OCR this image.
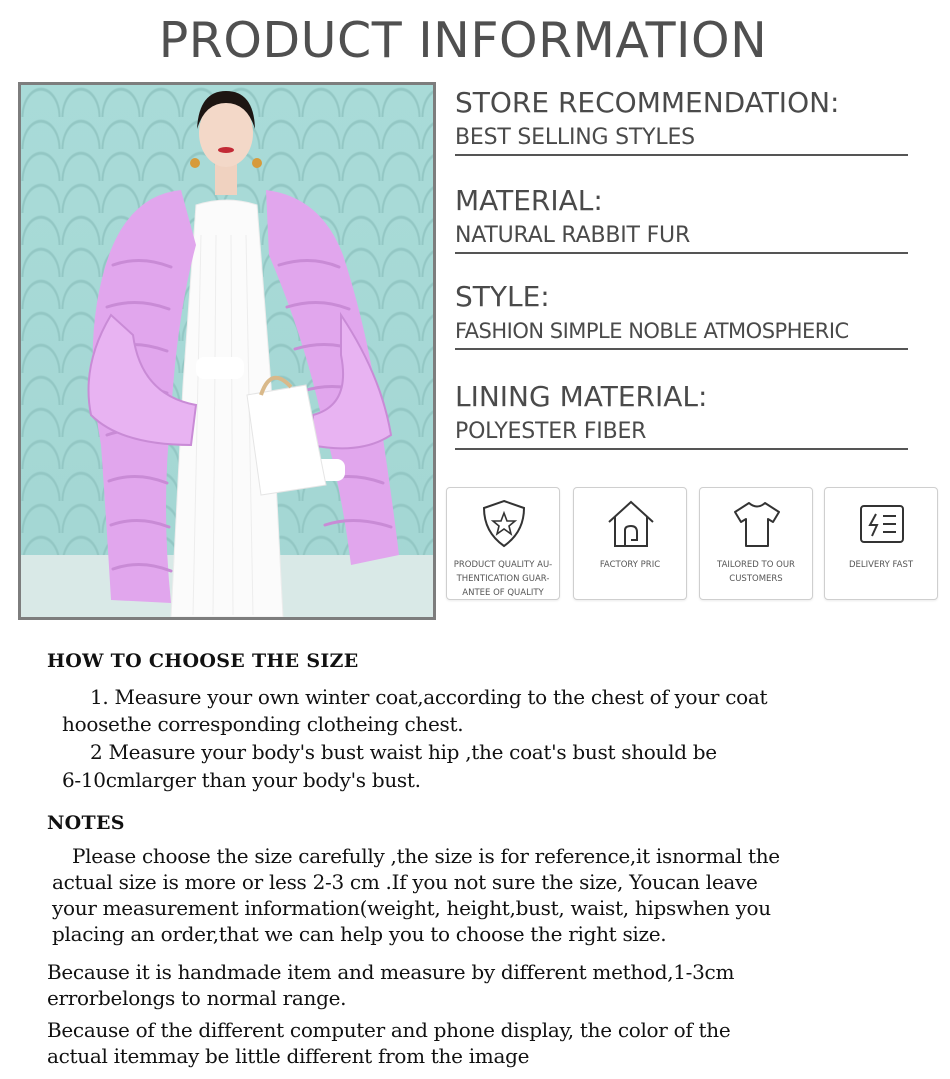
PRODUCT INFORMATION
STORE RECOMMENDATION:
BEST SELLING STYLES
MATERIAL:
NATURAL RABBIT FUR
STYLE:
FASHION SIMPLE NOBLE ATMOSPHERIC
LINING MATERIAL:
POLYESTER FIBER
PRODUCT QUALITY AU-
THENTICATION GUAR-
ANTEE OF QUALITY
FACTORY PRIC	TAILORED TO OUR
CUSTOMERS
DELIVERY FAST
HOW TO CHOOSE THE SIZE
1. Measure your own winter coat,according to the chest of your coat
hoosethe corresponding clotheing chest.
2 Measure your body's bust waist hip ,the coat's bust should be
6-10cmlarger than your body's bust.
NOTES
Please choose the size carefully ,the size is for reference,it isnormal the
actual size is more or less 2-3 cm .If you not sure the size, Youcan leave
your measurement information(weight, height,bust, waist, hipswhen you
placing an order,that we can help you to choose the right size.
Because it is handmade item and measure by different method,1-3cm
errorbelongs to normal range.
Because of the different computer and phone display, the color of the
actual itemmay be little different from the image
